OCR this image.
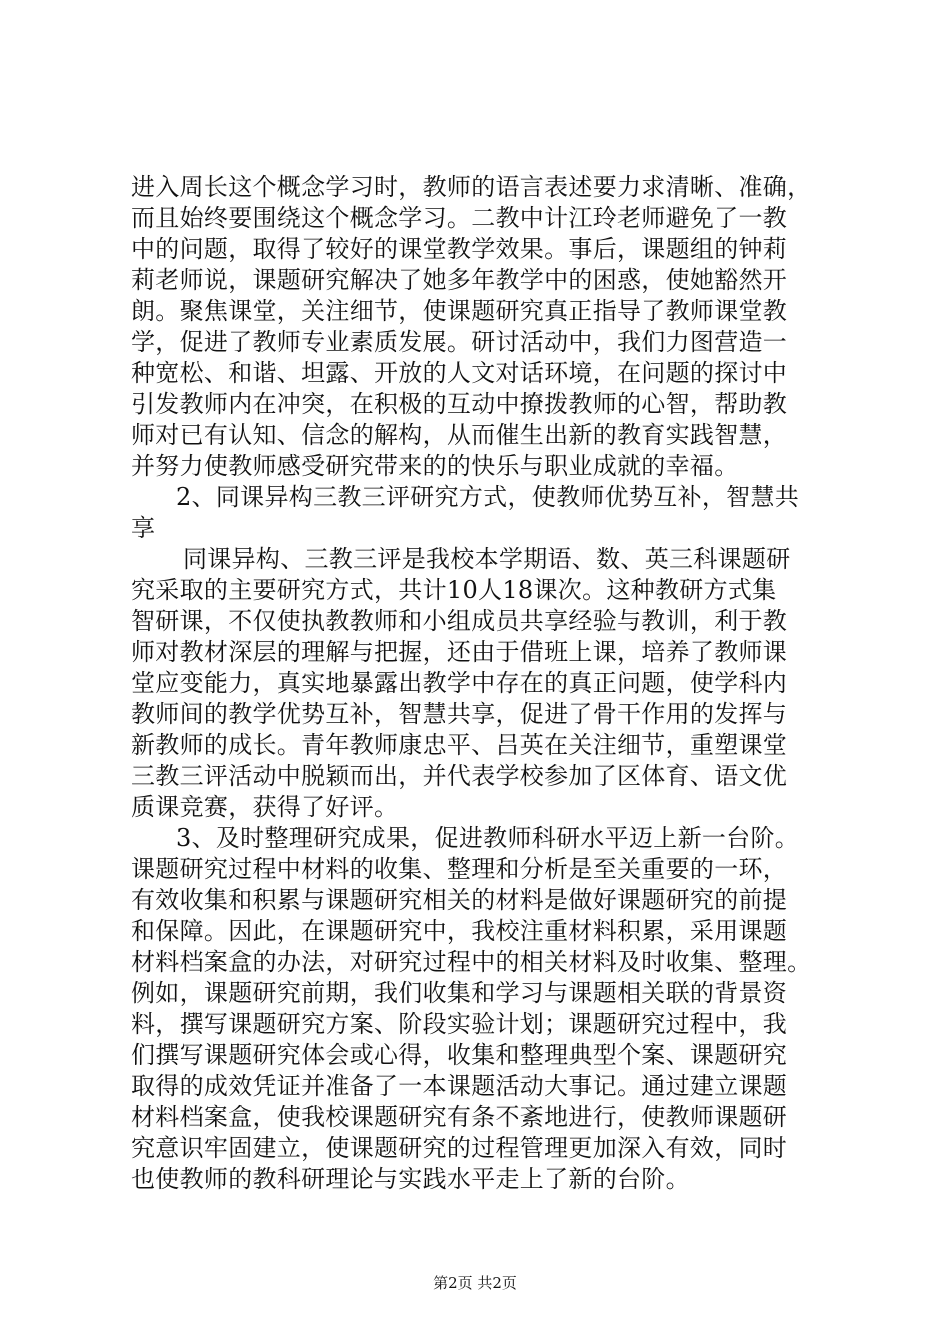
进入周长这个概念学习时，教师的语言表述要力求清晰、准确，
而且始终要围绕这个概念学习。二教中计江玲老师避免了一教
中的问题，取得了较好的课堂教学效果。事后，课题组的钟莉
莉老师说，课题研究解决了她多年教学中的困惑，使她豁然开
朗。聚焦课堂，关注细节，使课题研究真正指导了教师课堂教
学，促进了教师专业素质发展。研讨活动中，我们力图营造一
种宽松、和谐、坦露、开放的人文对话环境，在问题的探讨中
引发教师内在冲突，在积极的互动中撩拨教师的心智，帮助教
师对已有认知、信念的解构，从而催生出新的教育实践智慧，
并努力使教师感受研究带来的的快乐与职业成就的幸福。
2、同课异构三教三评研究方式，使教师优势互补，智慧共
享
同课异构、三教三评是我校本学期语、数、英三科课题研
究采取的主要研究方式，共计10人18课次。这种教研方式集
智研课，不仅使执教教师和小组成员共享经验与教训，利于教
师对教材深层的理解与把握，还由于借班上课，培养了教师课
堂应变能力，真实地暴露出教学中存在的真正问题，使学科内
教师间的教学优势互补，智慧共享，促进了骨干作用的发挥与
新教师的成长。青年教师康忠平、吕英在关注细节，重塑课堂
三教三评活动中脱颖而出，并代表学校参加了区体育、语文优
质课竞赛，获得了好评。
3、及时整理研究成果，促进教师科研水平迈上新一台阶。
课题研究过程中材料的收集、整理和分析是至关重要的一环，
有效收集和积累与课题研究相关的材料是做好课题研究的前提
和保障。因此，在课题研究中，我校注重材料积累，采用课题
材料档案盒的办法，对研究过程中的相关材料及时收集、整理。
例如，课题研究前期，我们收集和学习与课题相关联的背景资
料，撰写课题研究方案、阶段实验计划；课题研究过程中，我
们撰写课题研究体会或心得，收集和整理典型个案、课题研究
取得的成效凭证并准备了一本课题活动大事记。通过建立课题
材料档案盒，使我校课题研究有条不紊地进行，使教师课题研
究意识牢固建立，使课题研究的过程管理更加深入有效，同时
也使教师的教科研理论与实践水平走上了新的台阶。
第2页 共2页
